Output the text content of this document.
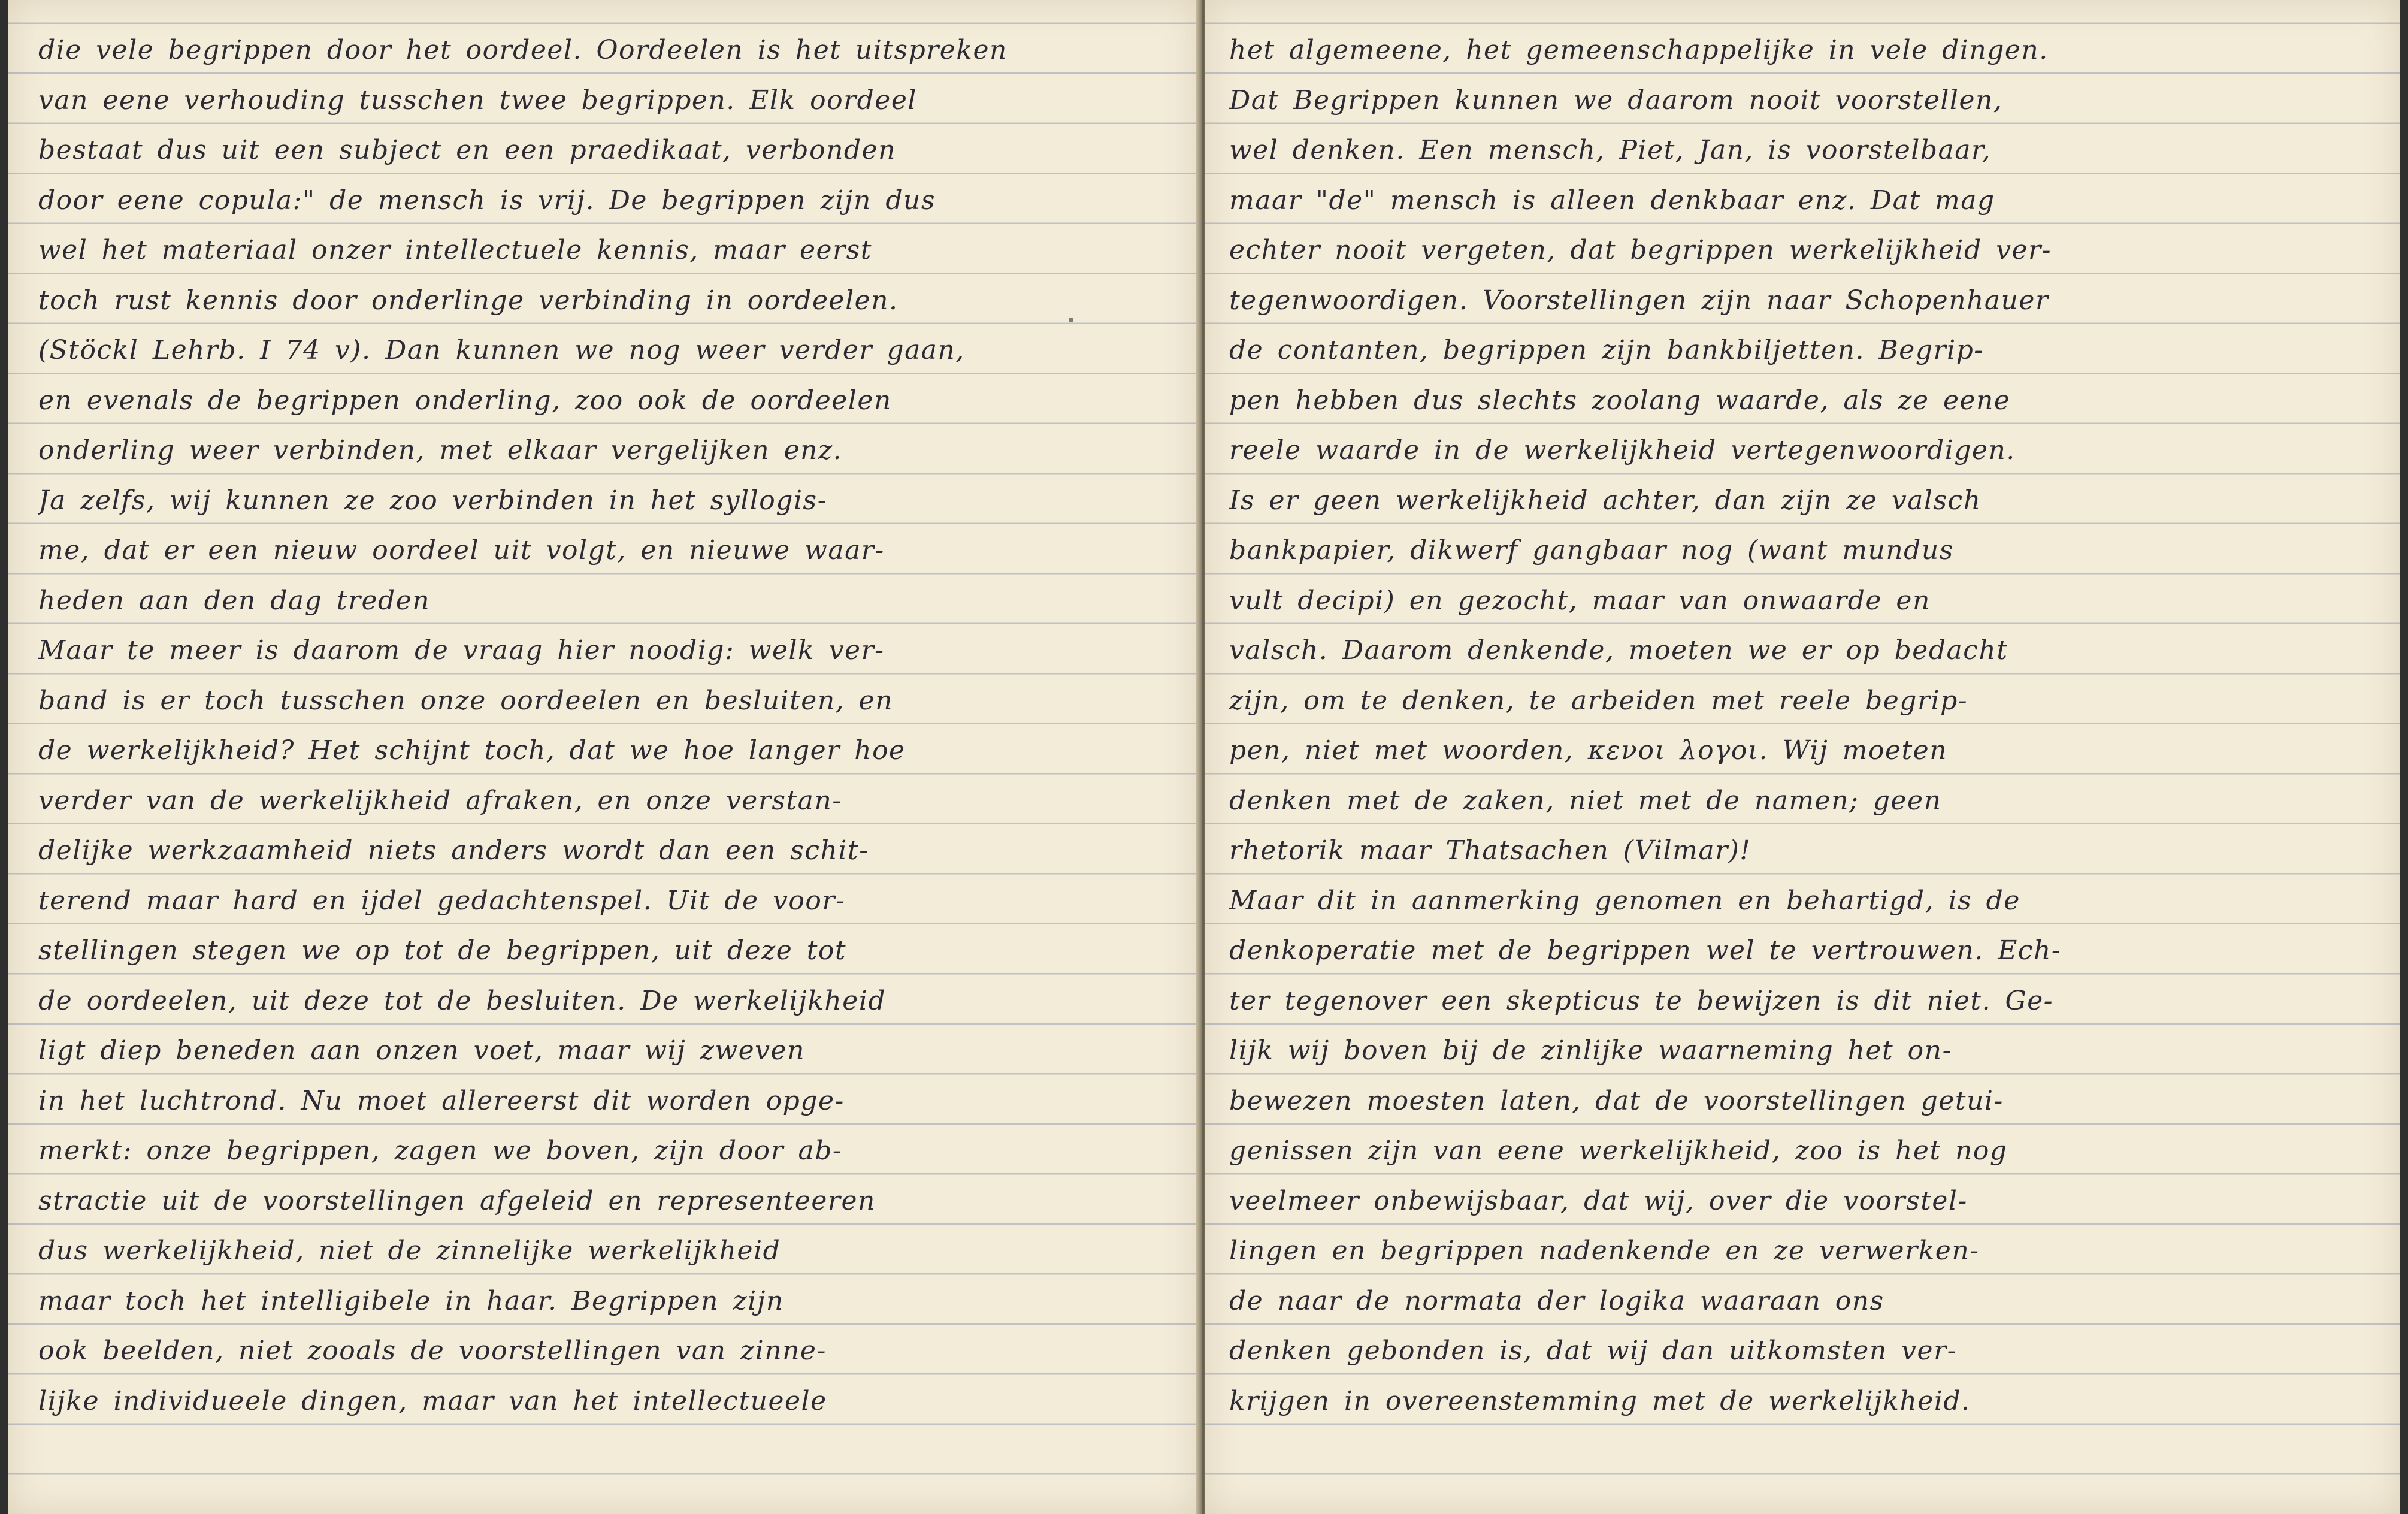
die vele begrippen door het oordeel. Oordeelen is het uitspreken
van eene verhouding tusschen twee begrippen. Elk oordeel
bestaat dus uit een subject en een praedikaat, verbonden
door eene copula:" de mensch is vrij. De begrippen zijn dus
wel het materiaal onzer intellectuele kennis, maar eerst
toch rust kennis door onderlinge verbinding in oordeelen.
(Stöckl Lehrb. I 74 v). Dan kunnen we nog weer verder gaan,
en evenals de begrippen onderling, zoo ook de oordeelen
onderling weer verbinden, met elkaar vergelijken enz.
Ja zelfs, wij kunnen ze zoo verbinden in het syllogis-
me, dat er een nieuw oordeel uit volgt, en nieuwe waar-
heden aan den dag treden
Maar te meer is daarom de vraag hier noodig: welk ver-
band is er toch tusschen onze oordeelen en besluiten, en
de werkelijkheid? Het schijnt toch, dat we hoe langer hoe
verder van de werkelijkheid afraken, en onze verstan-
delijke werkzaamheid niets anders wordt dan een schit-
terend maar hard en ijdel gedachtenspel. Uit de voor-
stellingen stegen we op tot de begrippen, uit deze tot
de oordeelen, uit deze tot de besluiten. De werkelijkheid
ligt diep beneden aan onzen voet, maar wij zweven
in het luchtrond. Nu moet allereerst dit worden opge-
merkt: onze begrippen, zagen we boven, zijn door ab-
stractie uit de voorstellingen afgeleid en representeeren
dus werkelijkheid, niet de zinnelijke werkelijkheid
maar toch het intelligibele in haar. Begrippen zijn
ook beelden, niet zooals de voorstellingen van zinne-
lijke individueele dingen, maar van het intellectueele
het algemeene, het gemeenschappelijke in vele dingen.
Dat Begrippen kunnen we daarom nooit voorstellen,
wel denken. Een mensch, Piet, Jan, is voorstelbaar,
maar "de" mensch is alleen denkbaar enz. Dat mag
echter nooit vergeten, dat begrippen werkelijkheid ver-
tegenwoordigen. Voorstellingen zijn naar Schopenhauer
de contanten, begrippen zijn bankbiljetten. Begrip-
pen hebben dus slechts zoolang waarde, als ze eene
reele waarde in de werkelijkheid vertegenwoordigen.
Is er geen werkelijkheid achter, dan zijn ze valsch
bankpapier, dikwerf gangbaar nog (want mundus
vult decipi) en gezocht, maar van onwaarde en
valsch. Daarom denkende, moeten we er op bedacht
zijn, om te denken, te arbeiden met reele begrip-
pen, niet met woorden, κενοι λογοι. Wij moeten
denken met de zaken, niet met de namen; geen
rhetorik maar Thatsachen (Vilmar)!
Maar dit in aanmerking genomen en behartigd, is de
denkoperatie met de begrippen wel te vertrouwen. Ech-
ter tegenover een skepticus te bewijzen is dit niet. Ge-
lijk wij boven bij de zinlijke waarneming het on-
bewezen moesten laten, dat de voorstellingen getui-
genissen zijn van eene werkelijkheid, zoo is het nog
veelmeer onbewijsbaar, dat wij, over die voorstel-
lingen en begrippen nadenkende en ze verwerken-
de naar de normata der logika waaraan ons
denken gebonden is, dat wij dan uitkomsten ver-
krijgen in overeenstemming met de werkelijkheid.
